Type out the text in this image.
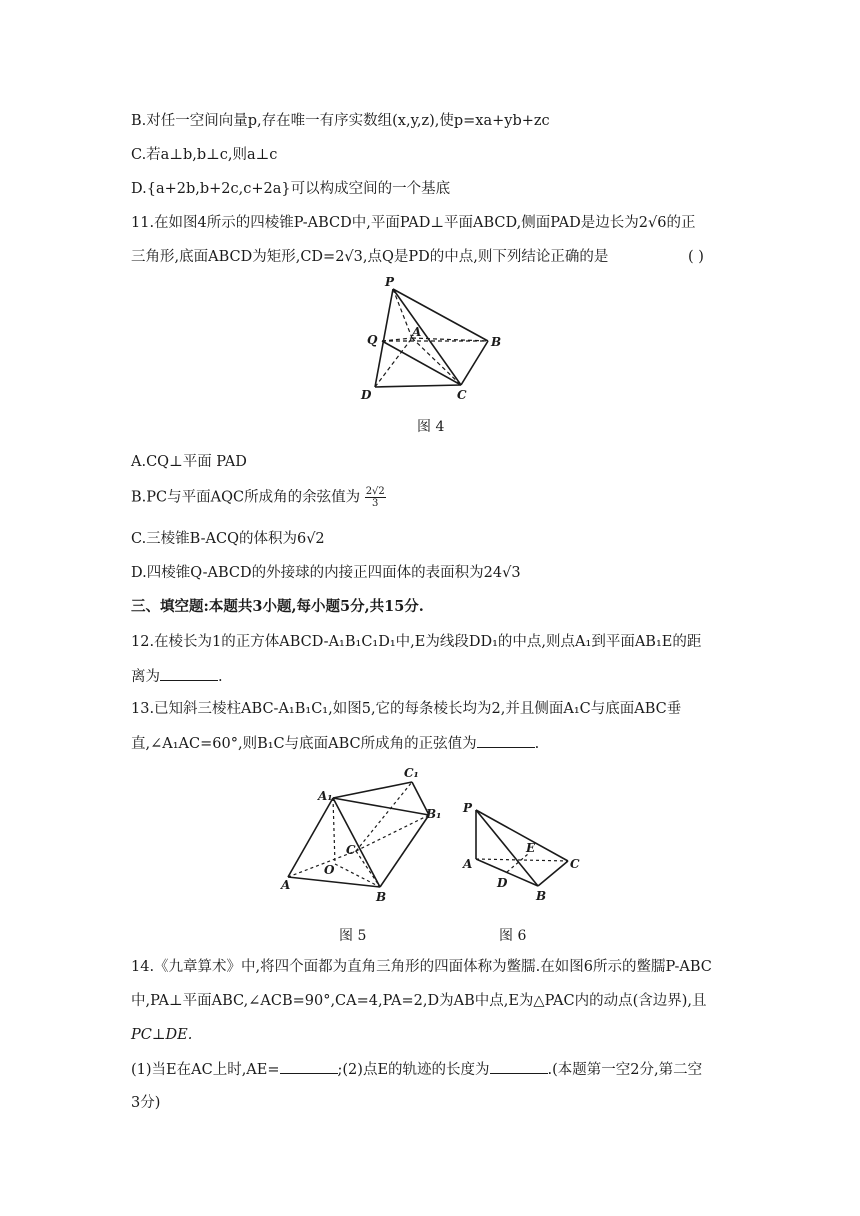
B.对任一空间向量p,存在唯一有序实数组(x,y,z),使p=xa+yb+zc
C.若a⊥b,b⊥c,则a⊥c
D.{a+2b,b+2c,c+2a}可以构成空间的一个基底
11.在如图4所示的四棱锥P-ABCD中,平面PAD⊥平面ABCD,侧面PAD是边长为2√6的正
三角形,底面ABCD为矩形,CD=2√3,点Q是PD的中点,则下列结论正确的是	( )
P
Q
A
B
C
D
图 4
A.CQ⊥平面 PAD
B.PC与平面AQC所成角的余弦值为 $\frac{2√2}{3}$
C.三棱锥B-ACQ的体积为6√2
D.四棱锥Q-ABCD的外接球的内接正四面体的表面积为24√3
三、填空题:本题共3小题,每小题5分,共15分.
12.在棱长为1的正方体ABCD-A₁B₁C₁D₁中,E为线段DD₁的中点,则点A₁到平面AB₁E的距
离为	.
13.已知斜三棱柱ABC-A₁B₁C₁,如图5,它的每条棱长均为2,并且侧面A₁C与底面ABC垂
直,∠A₁AC=60°,则B₁C与底面ABC所成角的正弦值为	.
A₁
C₁
B₁
C
O
A
B
图 5
P
E
A	C
D
B
图 6
14.《九章算术》中,将四个面都为直角三角形的四面体称为鳖臑.在如图6所示的鳖臑P-ABC
中,PA⊥平面ABC,∠ACB=90°,CA=4,PA=2,D为AB中点,E为△PAC内的动点(含边界),且
PC⊥DE.
(1)当E在AC上时,AE=	;(2)点E的轨迹的长度为	.(本题第一空2分,第二空
3分)
